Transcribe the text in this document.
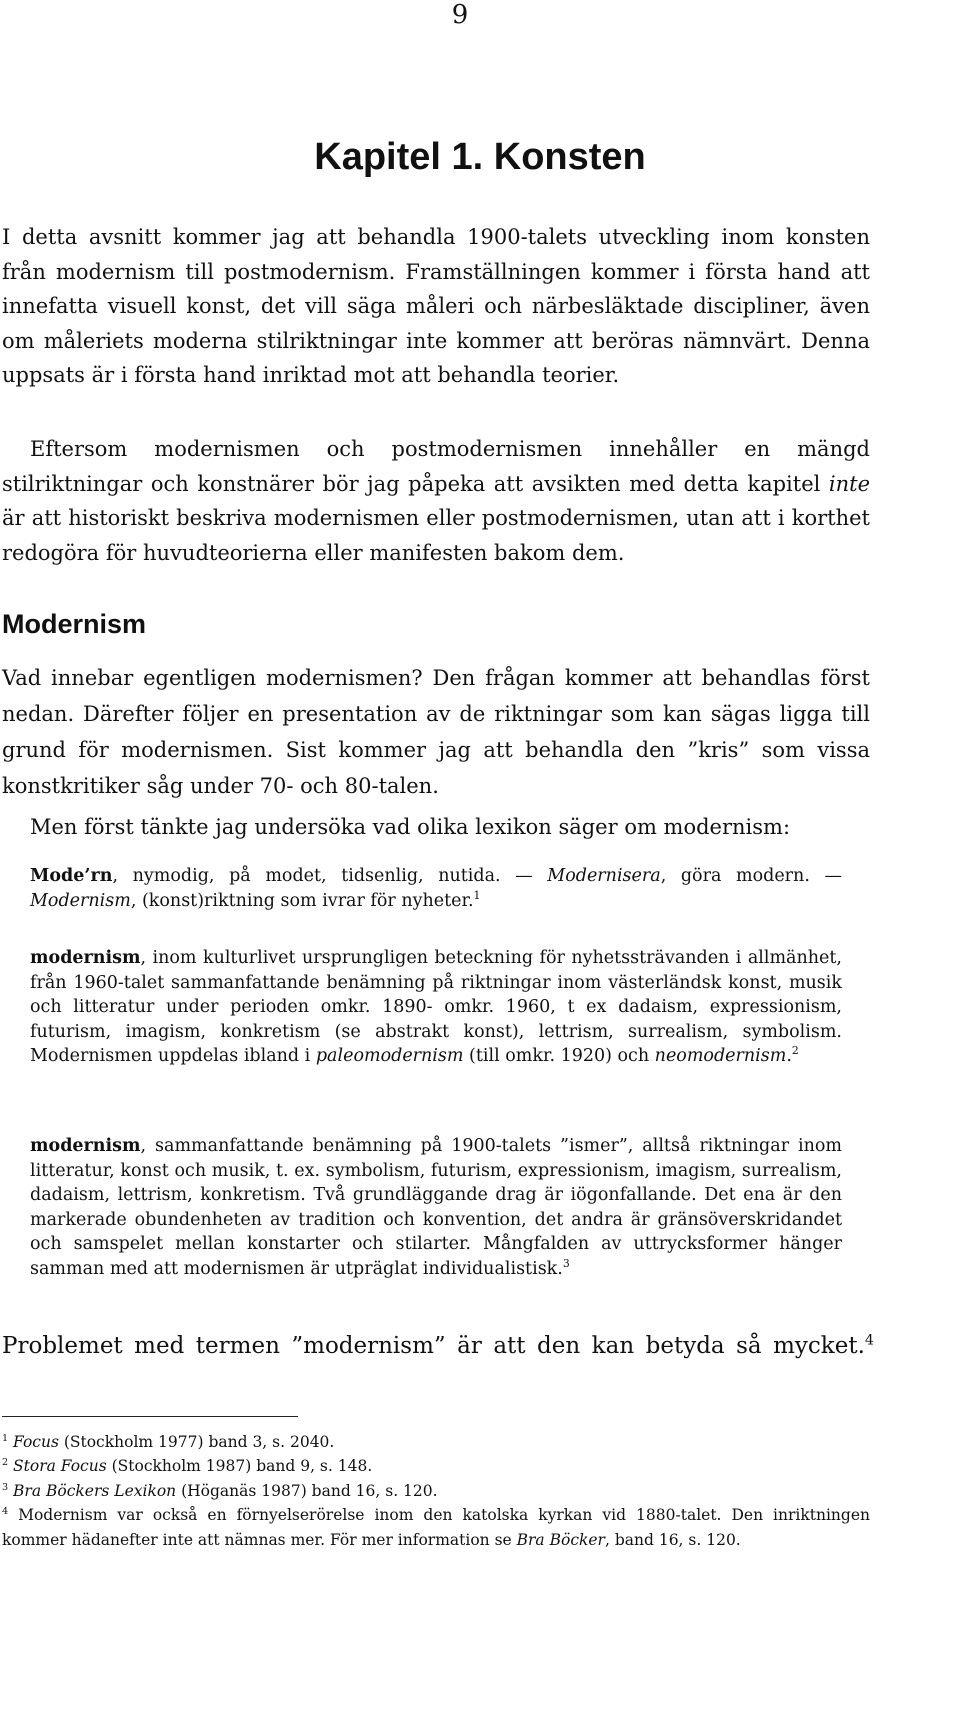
9
Kapitel 1. Konsten

I detta avsnitt kommer jag att behandla 1900-talets utveckling inom konsten från modernism till postmodernism. Framställningen kommer i första hand att innefatta visuell konst, det vill säga måleri och närbesläktade discipliner, även om måleriets moderna stilriktningar inte kommer att beröras nämnvärt. Denna uppsats är i första hand inriktad mot att behandla teorier.

Eftersom modernismen och postmodernismen innehåller en mängd stilriktningar och konstnärer bör jag påpeka att avsikten med detta kapitel inte är att historiskt beskriva modernismen eller postmodernismen, utan att i korthet redogöra för huvudteorierna eller manifesten bakom dem.

Modernism

Vad innebar egentligen modernismen? Den frågan kommer att behandlas först nedan. Därefter följer en presentation av de riktningar som kan sägas ligga till grund för modernismen. Sist kommer jag att behandla den ”kris” som vissa konstkritiker såg under 70- och 80-talen.

Men först tänkte jag undersöka vad olika lexikon säger om modernism:

Mode’rn, nymodig, på modet, tidsenlig, nutida. — Modernisera, göra modern. — Modernism, (konst)riktning som ivrar för nyheter.$^1$

modernism, inom kulturlivet ursprungligen beteckning för nyhetssträvanden i allmänhet, från 1960-talet sammanfattande benämning på riktningar inom västerländsk konst, musik och litteratur under perioden omkr. 1890- omkr. 1960, t ex dadaism, expressionism, futurism, imagism, konkretism (se abstrakt konst), lettrism, surrealism, symbolism. Modernismen uppdelas ibland i paleomodernism (till omkr. 1920) och neomodernism.$^2$

modernism, sammanfattande benämning på 1900-talets ”ismer”, alltså riktningar inom litteratur, konst och musik, t. ex. symbolism, futurism, expressionism, imagism, surrealism, dadaism, lettrism, konkretism. Två grundläggande drag är iögonfallande. Det ena är den markerade obundenheten av tradition och konvention, det andra är gränsöverskridandet och samspelet mellan konstarter och stilarter. Mångfalden av uttrycksformer hänger samman med att modernismen är utpräglat individualistisk.$^3$

Problemet med termen ”modernism” är att den kan betyda så mycket.$^4$

$^1$ Focus (Stockholm 1977) band 3, s. 2040.
$^2$ Stora Focus (Stockholm 1987) band 9, s. 148.
$^3$ Bra Böckers Lexikon (Höganäs 1987) band 16, s. 120.
$^4$ Modernism var också en förnyelserörelse inom den katolska kyrkan vid 1880-talet. Den inriktningen kommer hädanefter inte att nämnas mer. För mer information se Bra Böcker, band 16, s. 120.
